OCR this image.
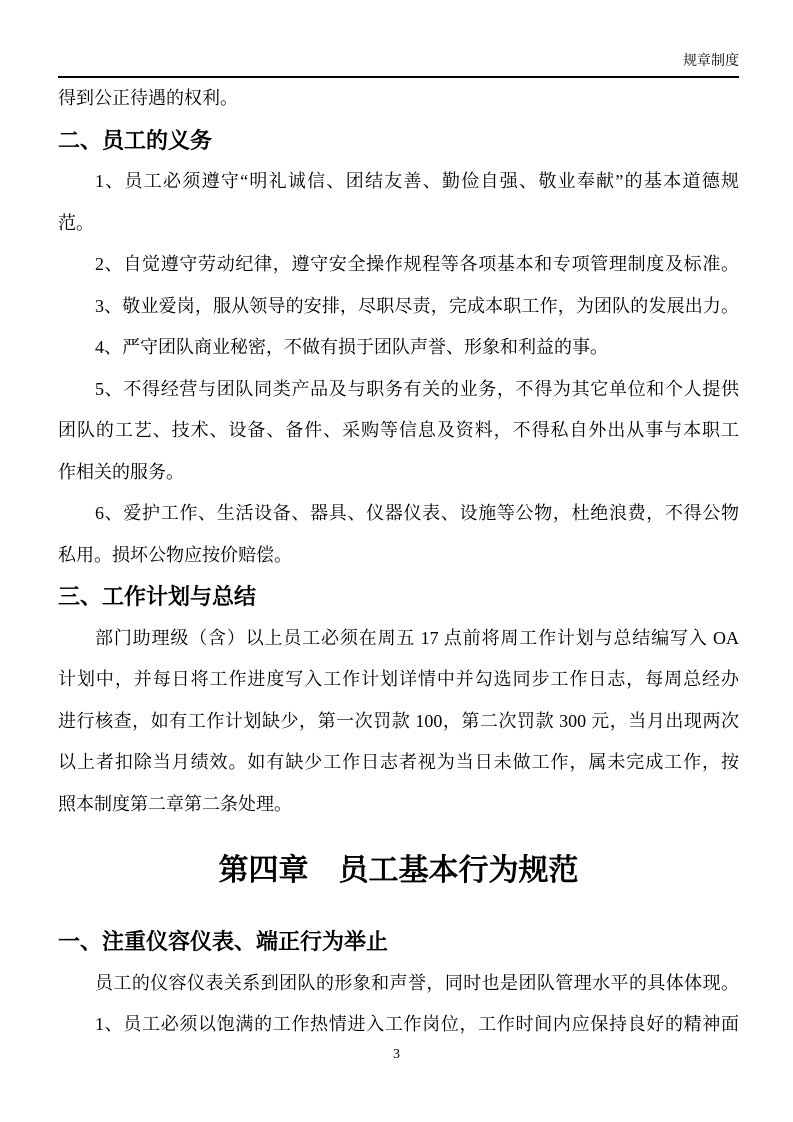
规章制度
得到公正待遇的权利。
二、员工的义务
1、员工必须遵守“明礼诚信、团结友善、勤俭自强、敬业奉献”的基本道德规
范。
2、自觉遵守劳动纪律，遵守安全操作规程等各项基本和专项管理制度及标准。
3、敬业爱岗，服从领导的安排，尽职尽责，完成本职工作，为团队的发展出力。
4、严守团队商业秘密，不做有损于团队声誉、形象和利益的事。
5、不得经营与团队同类产品及与职务有关的业务，不得为其它单位和个人提供
团队的工艺、技术、设备、备件、采购等信息及资料，不得私自外出从事与本职工
作相关的服务。
6、爱护工作、生活设备、器具、仪器仪表、设施等公物，杜绝浪费，不得公物
私用。损坏公物应按价赔偿。
三、工作计划与总结
部门助理级（含）以上员工必须在周五 17 点前将周工作计划与总结编写入 OA
计划中，并每日将工作进度写入工作计划详情中并勾选同步工作日志，每周总经办
进行核查，如有工作计划缺少，第一次罚款 100，第二次罚款 300 元，当月出现两次
以上者扣除当月绩效。如有缺少工作日志者视为当日未做工作，属未完成工作，按
照本制度第二章第二条处理。
第四章　员工基本行为规范
一、注重仪容仪表、端正行为举止
员工的仪容仪表关系到团队的形象和声誉，同时也是团队管理水平的具体体现。
1、员工必须以饱满的工作热情进入工作岗位，工作时间内应保持良好的精神面
3
